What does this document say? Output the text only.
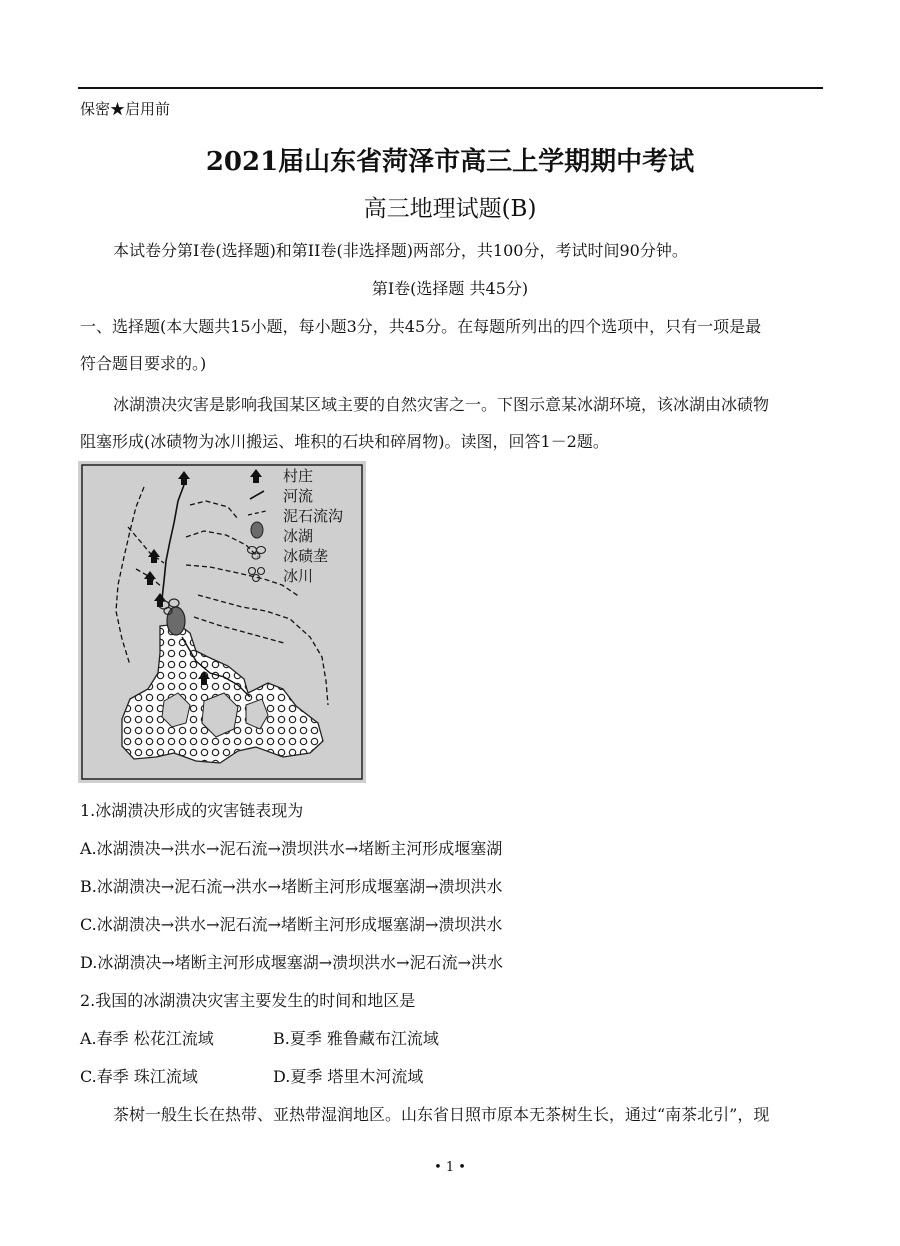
保密★启用前
2021届山东省菏泽市高三上学期期中考试
高三地理试题(B)
本试卷分第I卷(选择题)和第II卷(非选择题)两部分，共100分，考试时间90分钟。
第I卷(选择题 共45分)
一、选择题(本大题共15小题，每小题3分，共45分。在每题所列出的四个选项中，只有一项是最
符合题目要求的。)
冰湖溃决灾害是影响我国某区域主要的自然灾害之一。下图示意某冰湖环境，该冰湖由冰碛物
阻塞形成(冰碛物为冰川搬运、堆积的石块和碎屑物)。读图，回答1－2题。
村庄
河流
泥石流沟
冰湖
冰碛垄
冰川
1.冰湖溃决形成的灾害链表现为
A.冰湖溃决→洪水→泥石流→溃坝洪水→堵断主河形成堰塞湖
B.冰湖溃决→泥石流→洪水→堵断主河形成堰塞湖→溃坝洪水
C.冰湖溃决→洪水→泥石流→堵断主河形成堰塞湖→溃坝洪水
D.冰湖溃决→堵断主河形成堰塞湖→溃坝洪水→泥石流→洪水
2.我国的冰湖溃决灾害主要发生的时间和地区是
A.春季 松花江流域	B.夏季 雅鲁藏布江流域
C.春季 珠江流域	D.夏季 塔里木河流域
茶树一般生长在热带、亚热带湿润地区。山东省日照市原本无茶树生长，通过“南茶北引”，现
• 1 •
